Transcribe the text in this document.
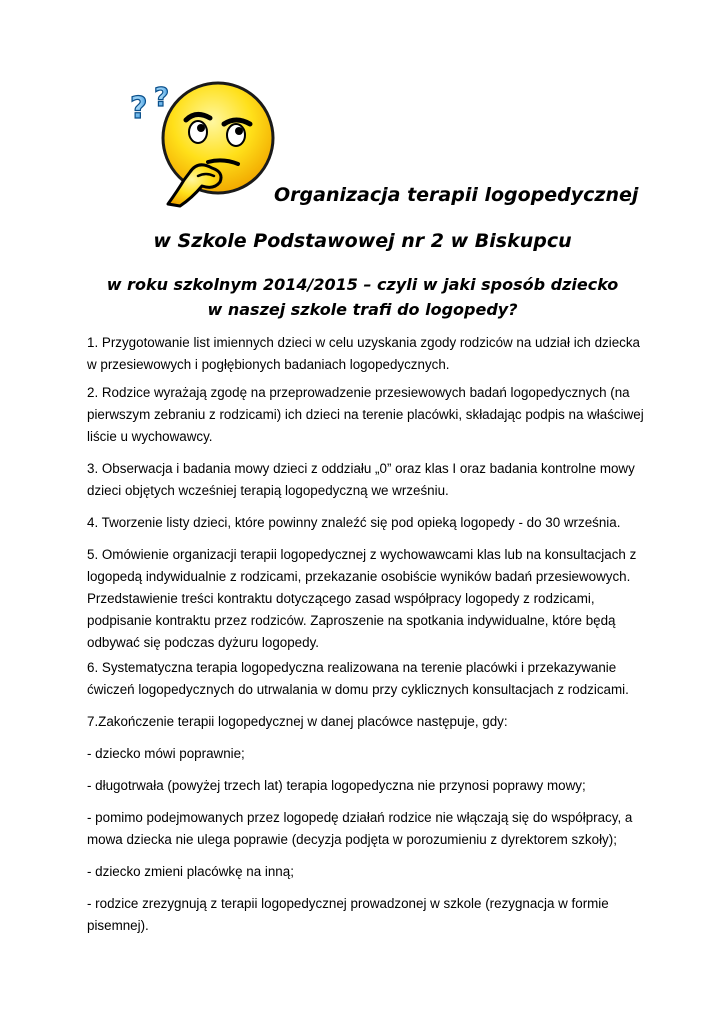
? ?
Organizacja terapii logopedycznej
w Szkole Podstawowej nr 2 w Biskupcu
w roku szkolnym 2014/2015 – czyli w jaki sposób dziecko w naszej szkole trafi do logopedy?
1. Przygotowanie list imiennych dzieci w celu uzyskania zgody rodziców na udział ich dziecka w przesiewowych i pogłębionych badaniach logopedycznych.
2. Rodzice wyrażają zgodę na przeprowadzenie przesiewowych badań logopedycznych (na pierwszym zebraniu z rodzicami) ich dzieci na terenie placówki, składając podpis na właściwej liście u wychowawcy.
3. Obserwacja i badania mowy dzieci z oddziału „0” oraz klas I oraz badania kontrolne mowy dzieci objętych wcześniej terapią logopedyczną we wrześniu.
4. Tworzenie listy dzieci, które powinny znaleźć się pod opieką logopedy - do 30 września.
5. Omówienie organizacji terapii logopedycznej z wychowawcami klas lub na konsultacjach z logopedą indywidualnie z rodzicami, przekazanie osobiście wyników badań przesiewowych. Przedstawienie treści kontraktu dotyczącego zasad współpracy logopedy z rodzicami, podpisanie kontraktu przez rodziców. Zaproszenie na spotkania indywidualne, które będą odbywać się podczas dyżuru logopedy.
6. Systematyczna terapia logopedyczna realizowana na terenie placówki i przekazywanie ćwiczeń logopedycznych do utrwalania w domu przy cyklicznych konsultacjach z rodzicami.
7.Zakończenie terapii logopedycznej w danej placówce następuje, gdy:
- dziecko mówi poprawnie;
- długotrwała (powyżej trzech lat) terapia logopedyczna nie przynosi poprawy mowy;
- pomimo podejmowanych przez logopedę działań rodzice nie włączają się do współpracy, a mowa dziecka nie ulega poprawie (decyzja podjęta w porozumieniu z dyrektorem szkoły);
- dziecko zmieni placówkę na inną;
- rodzice zrezygnują z terapii logopedycznej prowadzonej w szkole (rezygnacja w formie pisemnej).
